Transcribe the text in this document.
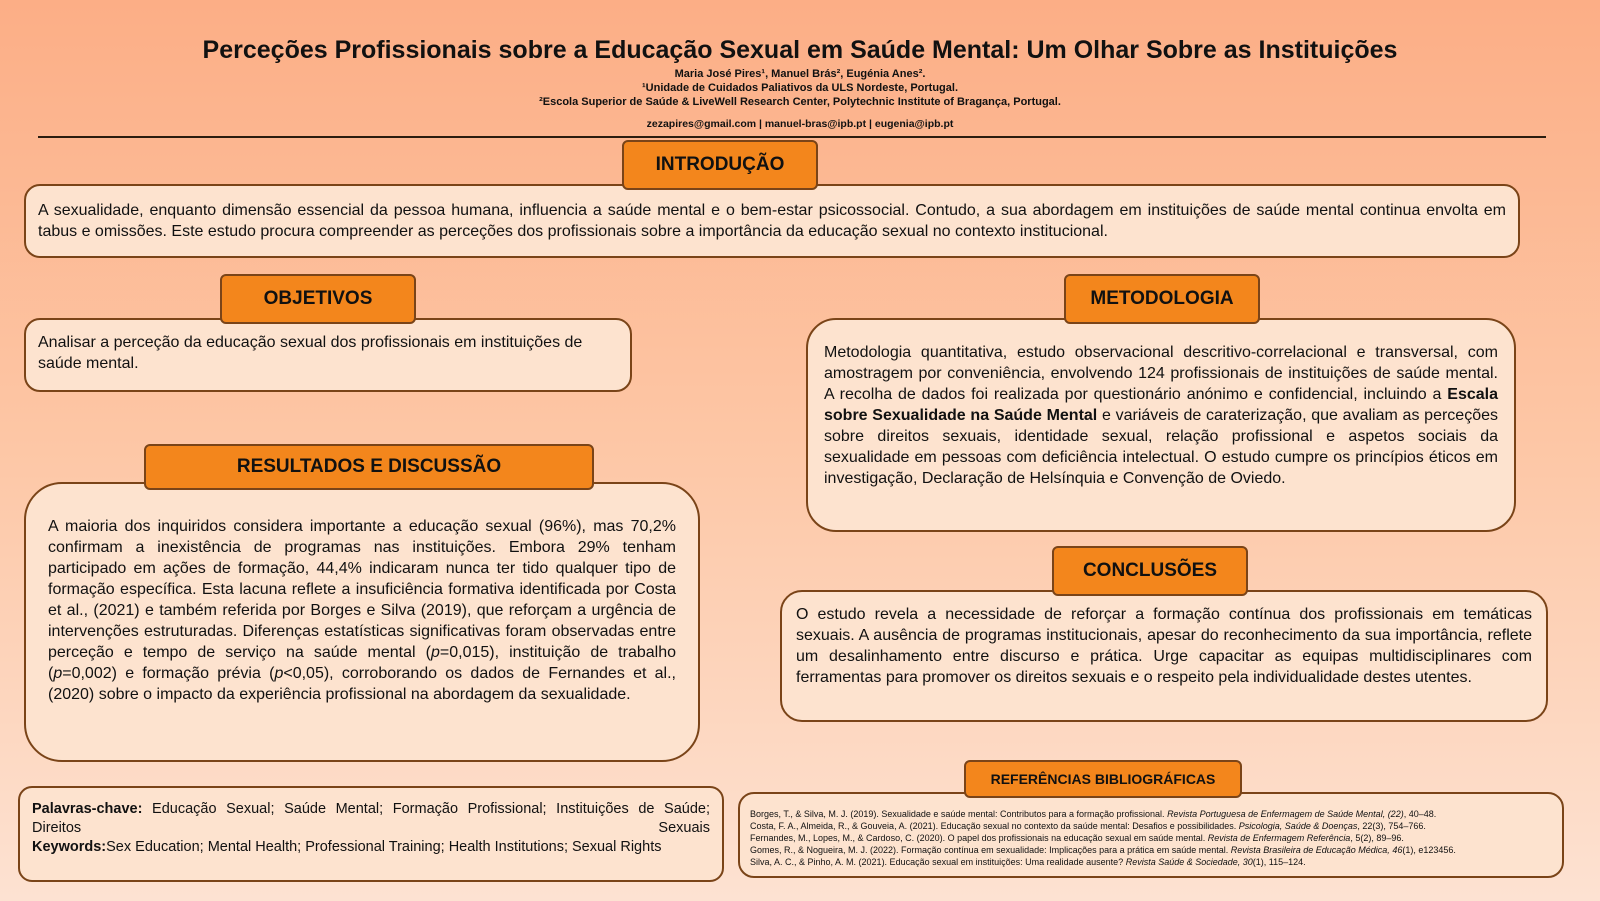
Perceções Profissionais sobre a Educação Sexual em Saúde Mental: Um Olhar Sobre as Instituições
Maria José Pires¹, Manuel Brás², Eugénia Anes².
¹Unidade de Cuidados Paliativos da ULS Nordeste, Portugal.
²Escola Superior de Saúde & LiveWell Research Center, Polytechnic Institute of Bragança, Portugal.
zezapires@gmail.com | manuel-bras@ipb.pt | eugenia@ipb.pt
A sexualidade, enquanto dimensão essencial da pessoa humana, influencia a saúde mental e o bem-estar psicossocial. Contudo, a sua abordagem em instituições de saúde mental continua envolta em tabus e omissões. Este estudo procura compreender as perceções dos profissionais sobre a importância da educação sexual no contexto institucional.
INTRODUÇÃO
Analisar a perceção da educação sexual dos profissionais em instituições de saúde mental.
OBJETIVOS
Metodologia quantitativa, estudo observacional descritivo-correlacional e transversal, com amostragem por conveniência, envolvendo 124 profissionais de instituições de saúde mental. A recolha de dados foi realizada por questionário anónimo e confidencial, incluindo a Escala sobre Sexualidade na Saúde Mental e variáveis de caraterização, que avaliam as perceções sobre direitos sexuais, identidade sexual, relação profissional e aspetos sociais da sexualidade em pessoas com deficiência intelectual. O estudo cumpre os princípios éticos em investigação, Declaração de Helsínquia e Convenção de Oviedo.
METODOLOGIA
A maioria dos inquiridos considera importante a educação sexual (96%), mas 70,2% confirmam a inexistência de programas nas instituições. Embora 29% tenham participado em ações de formação, 44,4% indicaram nunca ter tido qualquer tipo de formação específica. Esta lacuna reflete a insuficiência formativa identificada por Costa et al., (2021) e também referida por Borges e Silva (2019), que reforçam a urgência de intervenções estruturadas. Diferenças estatísticas significativas foram observadas entre perceção e tempo de serviço na saúde mental (p=0,015), instituição de trabalho (p=0,002) e formação prévia (p<0,05), corroborando os dados de Fernandes et al., (2020) sobre o impacto da experiência profissional na abordagem da sexualidade.
RESULTADOS E DISCUSSÃO
O estudo revela a necessidade de reforçar a formação contínua dos profissionais em temáticas sexuais. A ausência de programas institucionais, apesar do reconhecimento da sua importância, reflete um desalinhamento entre discurso e prática. Urge capacitar as equipas multidisciplinares com ferramentas para promover os direitos sexuais e o respeito pela individualidade destes utentes.
CONCLUSÕES
Palavras-chave: Educação Sexual; Saúde Mental; Formação Profissional; Instituições de Saúde; Direitos Sexuais
Keywords:Sex Education; Mental Health; Professional Training; Health Institutions; Sexual Rights
Borges, T., & Silva, M. J. (2019). Sexualidade e saúde mental: Contributos para a formação profissional. Revista Portuguesa de Enfermagem de Saúde Mental, (22), 40–48.
Costa, F. A., Almeida, R., & Gouveia, A. (2021). Educação sexual no contexto da saúde mental: Desafios e possibilidades. Psicologia, Saúde & Doenças, 22(3), 754–766.
Fernandes, M., Lopes, M., & Cardoso, C. (2020). O papel dos profissionais na educação sexual em saúde mental. Revista de Enfermagem Referência, 5(2), 89–96.
Gomes, R., & Nogueira, M. J. (2022). Formação contínua em sexualidade: Implicações para a prática em saúde mental. Revista Brasileira de Educação Médica, 46(1), e123456.
Silva, A. C., & Pinho, A. M. (2021). Educação sexual em instituições: Uma realidade ausente? Revista Saúde & Sociedade, 30(1), 115–124.
REFERÊNCIAS BIBLIOGRÁFICAS
